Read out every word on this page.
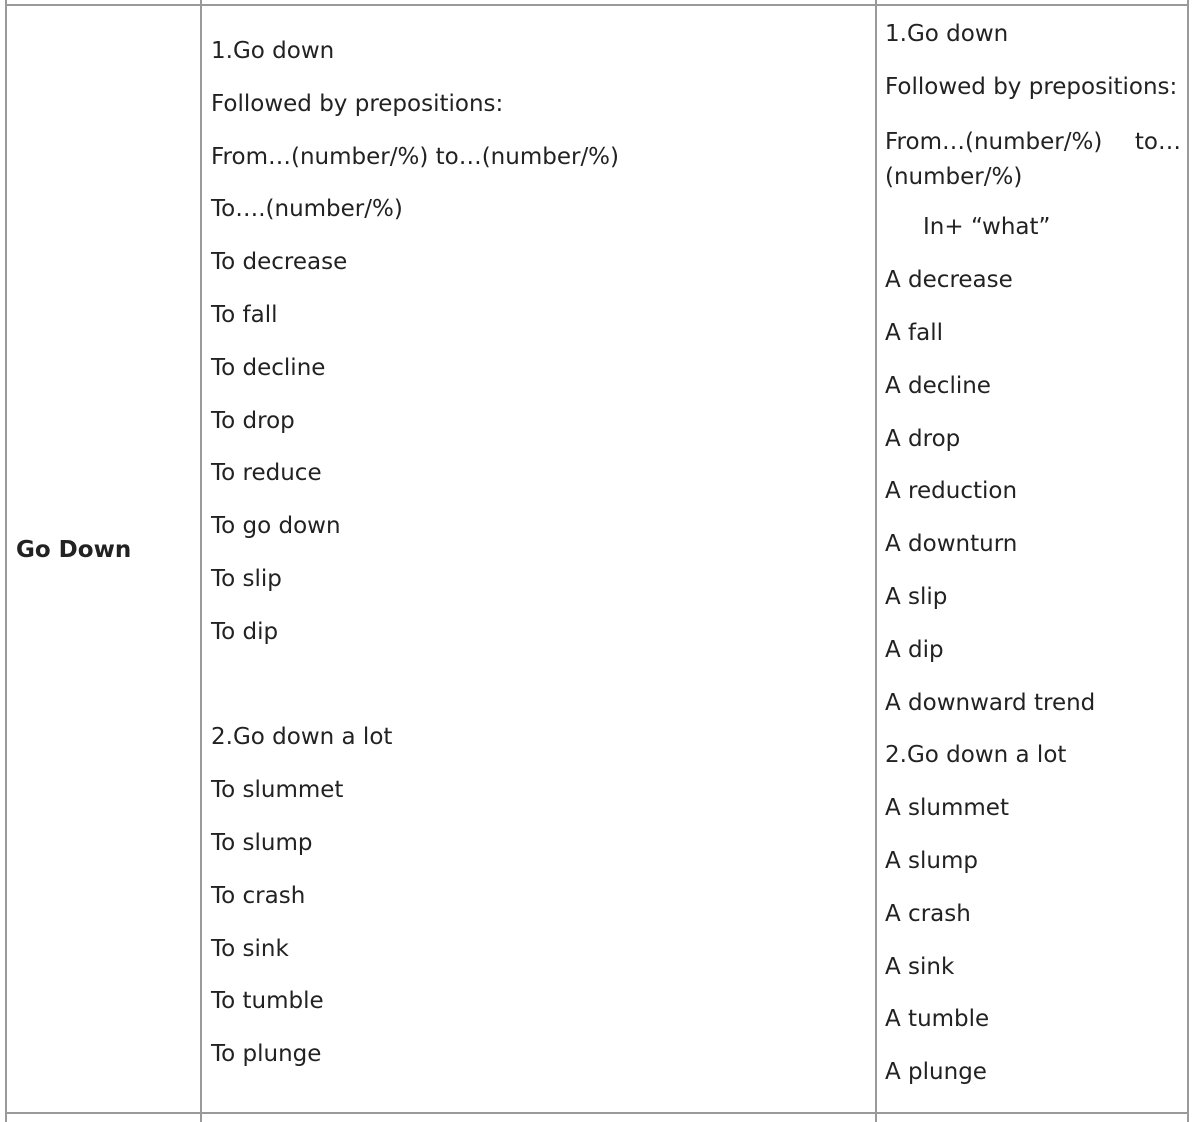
Go Down
1.Go down
Followed by prepositions:
From…(number/%) to…(number/%)
To….(number/%)
To decrease
To fall
To decline
To drop
To reduce
To go down
To slip
To dip
2.Go down a lot
To slummet
To slump
To crash
To sink
To tumble
To plunge
1.Go down
Followed by prepositions:
From…(number/%) to…
(number/%)
In+ “what”
A decrease
A fall
A decline
A drop
A reduction
A downturn
A slip
A dip
A downward trend
2.Go down a lot
A slummet
A slump
A crash
A sink
A tumble
A plunge
